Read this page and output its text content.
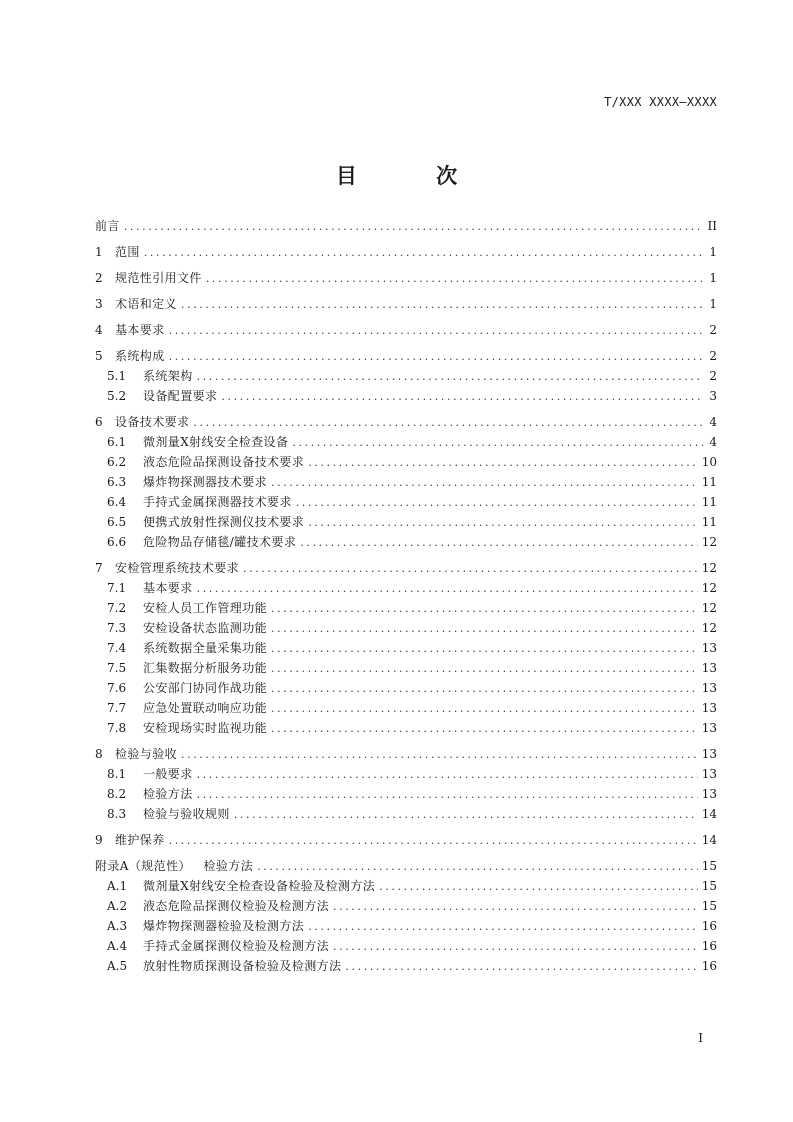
T/XXX XXXX—XXXX
目 次
前言 .....	II
1	范围 .....	1
2	规范性引用文件 .....	1
3	术语和定义 .....	1
4	基本要求 .....	2
5	系统构成 .....	2
5.1	系统架构 .....	2
5.2	设备配置要求 .....	3
6	设备技术要求 .....	4
6.1	微剂量X射线安全检查设备 .....	4
6.2	液态危险品探测设备技术要求 .....	10
6.3	爆炸物探测器技术要求 .....	11
6.4	手持式金属探测器技术要求 .....	11
6.5	便携式放射性探测仪技术要求 .....	11
6.6	危险物品存储毯/罐技术要求 .....	12
7	安检管理系统技术要求 .....	12
7.1	基本要求 .....	12
7.2	安检人员工作管理功能 .....	12
7.3	安检设备状态监测功能 .....	12
7.4	系统数据全量采集功能 .....	13
7.5	汇集数据分析服务功能 .....	13
7.6	公安部门协同作战功能 .....	13
7.7	应急处置联动响应功能 .....	13
7.8	安检现场实时监视功能 .....	13
8	检验与验收 .....	13
8.1	一般要求 .....	13
8.2	检验方法 .....	13
8.3	检验与验收规则 .....	14
9	维护保养 .....	14
附录A（规范性）   检验方法 .....	15
A.1	微剂量X射线安全检查设备检验及检测方法 .....	15
A.2	液态危险品探测仪检验及检测方法 .....	15
A.3	爆炸物探测器检验及检测方法 .....	16
A.4	手持式金属探测仪检验及检测方法 .....	16
A.5	放射性物质探测设备检验及检测方法 .....	16
I
